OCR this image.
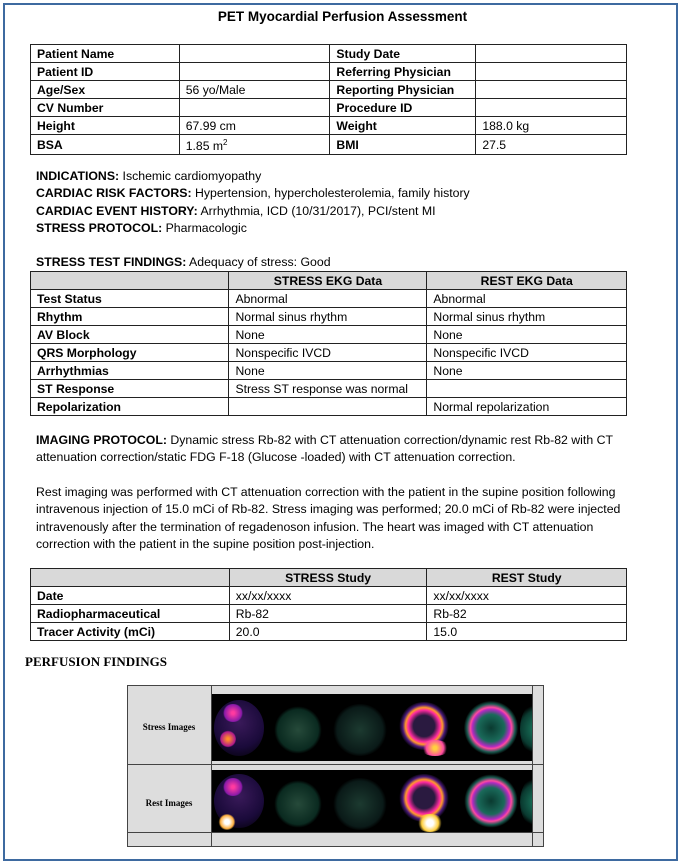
PET Myocardial Perfusion Assessment
Patient Name		Study Date	
Patient ID		Referring Physician	
Age/Sex	56 yo/Male	Reporting Physician	
CV Number		Procedure ID	
Height	67.99 cm	Weight	188.0 kg
BSA	1.85 $m^2$	BMI	27.5
INDICATIONS: Ischemic cardiomyopathy
CARDIAC RISK FACTORS: Hypertension, hypercholesterolemia, family history
CARDIAC EVENT HISTORY: Arrhythmia, ICD (10/31/2017), PCI/stent MI
STRESS PROTOCOL: Pharmacologic
STRESS TEST FINDINGS: Adequacy of stress: Good
	STRESS EKG Data	REST EKG Data
Test Status	Abnormal	Abnormal
Rhythm	Normal sinus rhythm	Normal sinus rhythm
AV Block	None	None
QRS Morphology	Nonspecific IVCD	Nonspecific IVCD
Arrhythmias	None	None
ST Response	Stress ST response was normal	
Repolarization		Normal repolarization
IMAGING PROTOCOL: Dynamic stress Rb-82 with CT attenuation correction/dynamic rest Rb-82 with CT
attenuation correction/static FDG F-18 (Glucose -loaded) with CT attenuation correction.
Rest imaging was performed with CT attenuation correction with the patient in the supine position following
intravenous injection of 15.0 mCi of Rb-82. Stress imaging was performed; 20.0 mCi of Rb-82 were injected
intravenously after the termination of regadenoson infusion. The heart was imaged with CT attenuation
correction with the patient in the supine position post-injection.
	STRESS Study	REST Study
Date	xx/xx/xxxx	xx/xx/xxxx
Radiopharmaceutical	Rb-82	Rb-82
Tracer Activity (mCi)	20.0	15.0
PERFUSION FINDINGS
Stress Images
Rest Images
